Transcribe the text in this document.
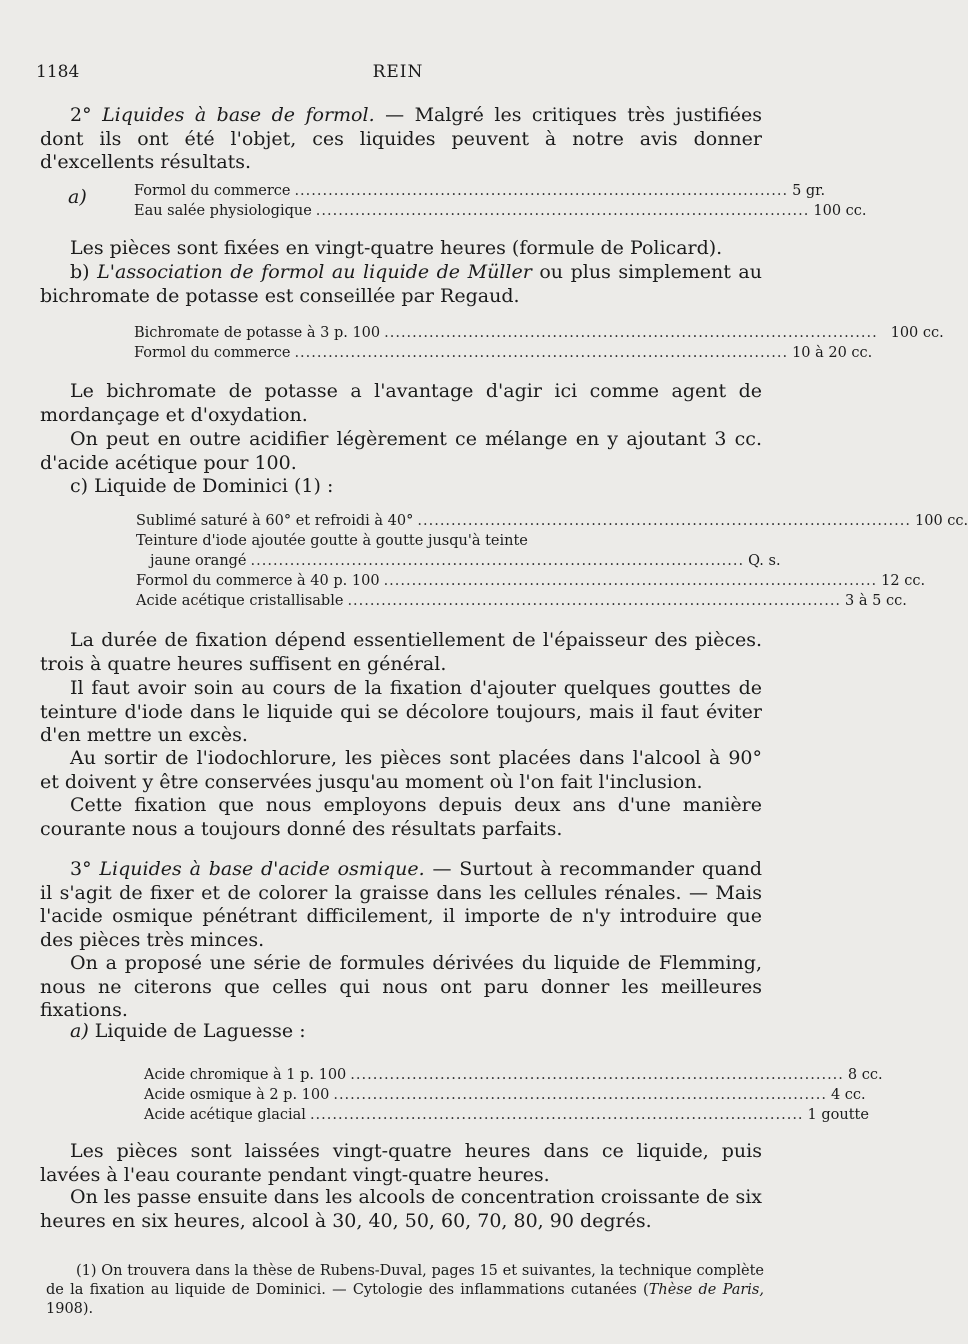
1184	REIN
2° Liquides à base de formol. — Malgré les critiques très justifiées dont ils ont été l'objet, ces liquides peuvent à notre avis donner d'excellents résultats.
a)	Formol du commerce ........................................................................................ 5 gr.
Eau salée physiologique ........................................................................................ 100 cc.
Les pièces sont fixées en vingt-quatre heures (formule de Policard).
b) L'association de formol au liquide de Müller ou plus simplement au bichromate de potasse est conseillée par Regaud.
Bichromate de potasse à 3 p. 100 ........................................................................................ 100 cc.
Formol du commerce ........................................................................................ 10 à 20 cc.
Le bichromate de potasse a l'avantage d'agir ici comme agent de mordançage et d'oxydation.
On peut en outre acidifier légèrement ce mélange en y ajoutant 3 cc. d'acide acétique pour 100.
c) Liquide de Dominici (1) :
Sublimé saturé à 60° et refroidi à 40° ........................................................................................ 100 cc.
Teinture d'iode ajoutée goutte à goutte jusqu'à teinte
jaune orangé ........................................................................................ Q. s.
Formol du commerce à 40 p. 100 ........................................................................................ 12 cc.
Acide acétique cristallisable ........................................................................................ 3 à 5 cc.
La durée de fixation dépend essentiellement de l'épaisseur des pièces. trois à quatre heures suffisent en général.
Il faut avoir soin au cours de la fixation d'ajouter quelques gouttes de teinture d'iode dans le liquide qui se décolore toujours, mais il faut éviter d'en mettre un excès.
Au sortir de l'iodochlorure, les pièces sont placées dans l'alcool à 90° et doivent y être conservées jusqu'au moment où l'on fait l'inclusion.
Cette fixation que nous employons depuis deux ans d'une manière courante nous a toujours donné des résultats parfaits.
3° Liquides à base d'acide osmique. — Surtout à recommander quand il s'agit de fixer et de colorer la graisse dans les cellules rénales. — Mais l'acide osmique pénétrant difficilement, il importe de n'y introduire que des pièces très minces.
On a proposé une série de formules dérivées du liquide de Flemming, nous ne citerons que celles qui nous ont paru donner les meilleures fixations.
a) Liquide de Laguesse :
Acide chromique à 1 p. 100 ........................................................................................ 8 cc.
Acide osmique à 2 p. 100 ........................................................................................ 4 cc.
Acide acétique glacial ........................................................................................ 1 goutte
Les pièces sont laissées vingt-quatre heures dans ce liquide, puis lavées à l'eau courante pendant vingt-quatre heures.
On les passe ensuite dans les alcools de concentration croissante de six heures en six heures, alcool à 30, 40, 50, 60, 70, 80, 90 degrés.
(1) On trouvera dans la thèse de Rubens-Duval, pages 15 et suivantes, la technique complète de la fixation au liquide de Dominici. — Cytologie des inflammations cutanées (Thèse de Paris, 1908).
